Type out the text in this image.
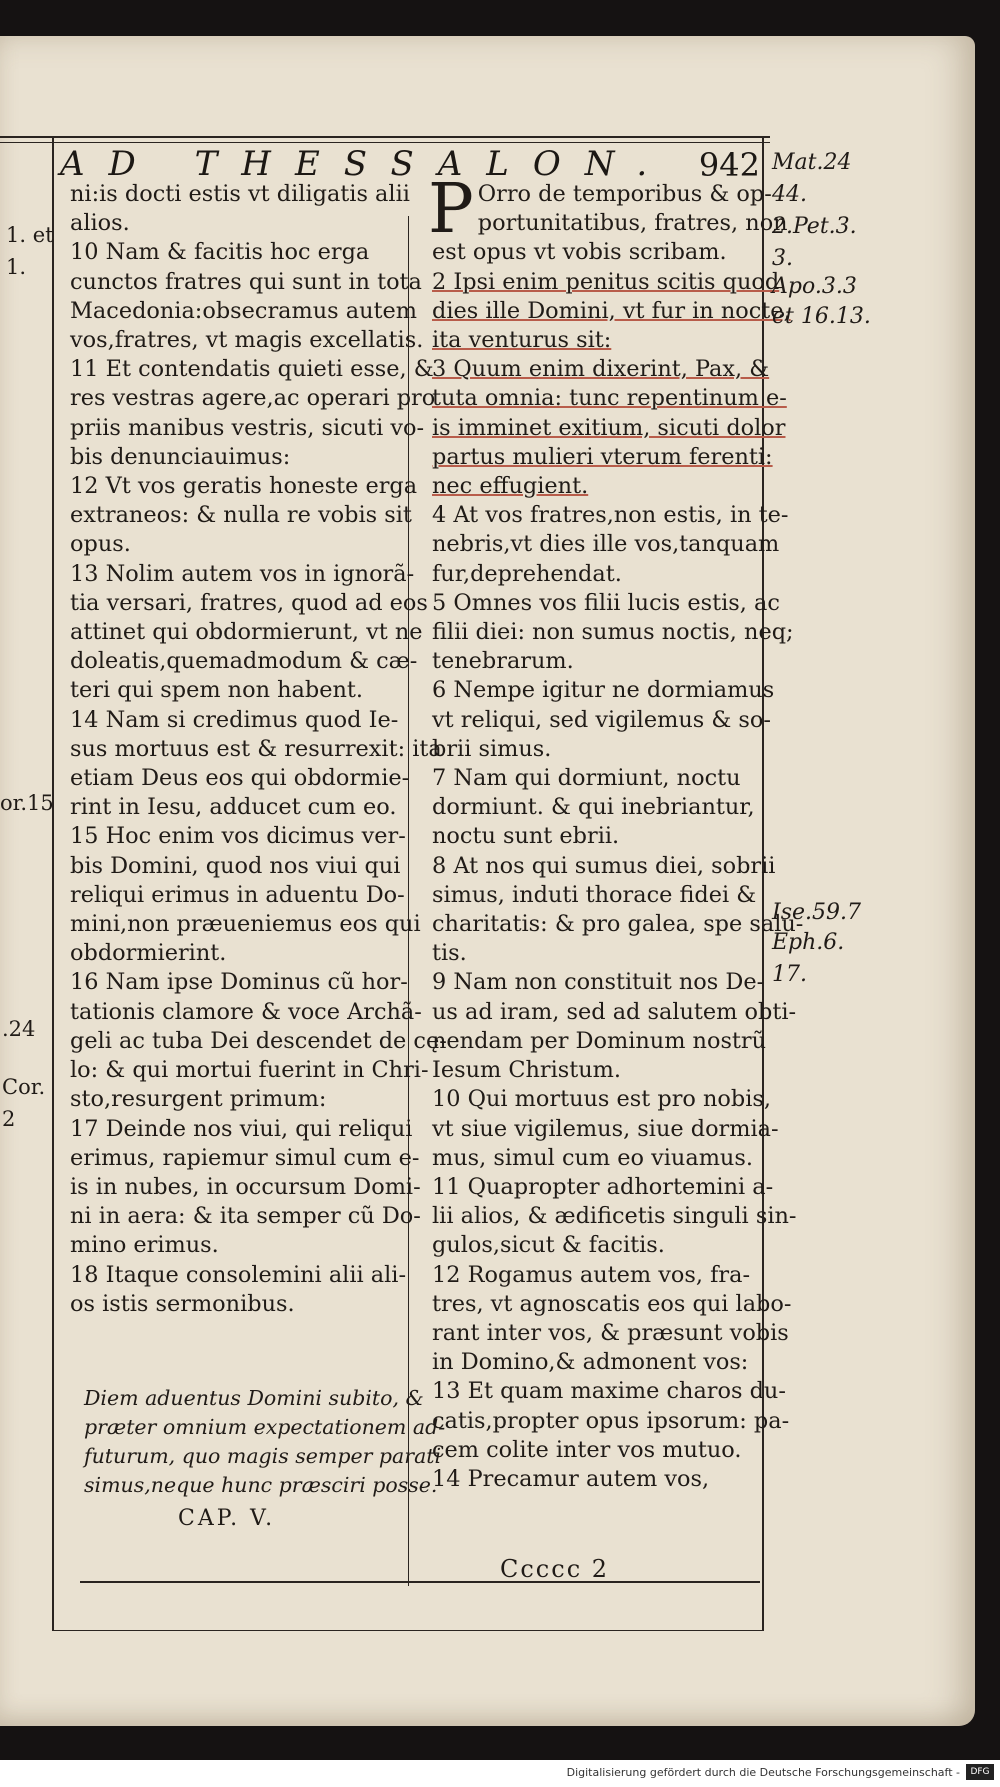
AD THESSALON. 942
1. et
1.
or.15
.24
Cor.
2

ni:is docti estis vt diligatis alii

alios.

10 Nam & facitis hoc erga

cunctos fratres qui sunt in tota

Macedonia:obsecramus autem

vos,fratres, vt magis excellatis.

11 Et contendatis quieti esse, &

res vestras agere,ac operari pro

priis manibus vestris, sicuti vo-

bis denunciauimus:

12 Vt vos geratis honeste erga

extraneos: & nulla re vobis sit

opus.

13 Nolim autem vos in ignorã-

tia versari, fratres, quod ad eos

attinet qui obdormierunt, vt ne

doleatis,quemadmodum & cæ-

teri qui spem non habent.

14 Nam si credimus quod Ie-

sus mortuus est & resurrexit: ita

etiam Deus eos qui obdormie-

rint in Iesu, adducet cum eo.

15 Hoc enim vos dicimus ver-

bis Domini, quod nos viui qui

reliqui erimus in aduentu Do-

mini,non præueniemus eos qui

obdormierint.

16 Nam ipse Dominus cũ hor-

tationis clamore & voce Archã-

geli ac tuba Dei descendet de cę-

lo: & qui mortui fuerint in Chri-

sto,resurgent primum:

17 Deinde nos viui, qui reliqui

erimus, rapiemur simul cum e-

is in nubes, in occursum Domi-

ni in aera: & ita semper cũ Do-

mino erimus.

18 Itaque consolemini alii ali-

os istis sermonibus.

Diem aduentus Domini subito, &

præter omnium expectationem ad-

futurum, quo magis semper parati

simus,neque hunc præsciri posse.

CAP. V.
P Orro de temporibus & op-

portunitatibus, fratres, non

est opus vt vobis scribam.

2 Ipsi enim penitus scitis quod

dies ille Domini, vt fur in nocte,

ita venturus sit:

3 Quum enim dixerint, Pax, &

tuta omnia: tunc repentinum e-

is imminet exitium, sicuti dolor

partus mulieri vterum ferenti:

nec effugient.

4 At vos fratres,non estis, in te-

nebris,vt dies ille vos,tanquam

fur,deprehendat.

5 Omnes vos filii lucis estis, ac

filii diei: non sumus noctis, neq;

tenebrarum.

6 Nempe igitur ne dormiamus

vt reliqui, sed vigilemus & so-

brii simus.

7 Nam qui dormiunt, noctu

dormiunt. & qui inebriantur,

noctu sunt ebrii.

8 At nos qui sumus diei, sobrii

simus, induti thorace fidei &

charitatis: & pro galea, spe salu-

tis.

9 Nam non constituit nos De-

us ad iram, sed ad salutem obti-

nendam per Dominum nostrũ

Iesum Christum.

10 Qui mortuus est pro nobis,

vt siue vigilemus, siue dormia-

mus, simul cum eo viuamus.

11 Quapropter adhortemini a-

lii alios, & ædificetis singuli sin-

gulos,sicut & facitis.

12 Rogamus autem vos, fra-

tres, vt agnoscatis eos qui labo-

rant inter vos, & præsunt vobis

in Domino,& admonent vos:

13 Et quam maxime charos du-

catis,propter opus ipsorum: pa-

cem colite inter vos mutuo.

14 Precamur autem vos,

Mat.24
44.
2.Pet.3.
3.
Apo.3.3
et 16.13.
Ise.59.7
Eph.6.
17.
Ccccc 2
Digitalisierung gefördert durch die Deutsche Forschungsgemeinschaft -	DFG
